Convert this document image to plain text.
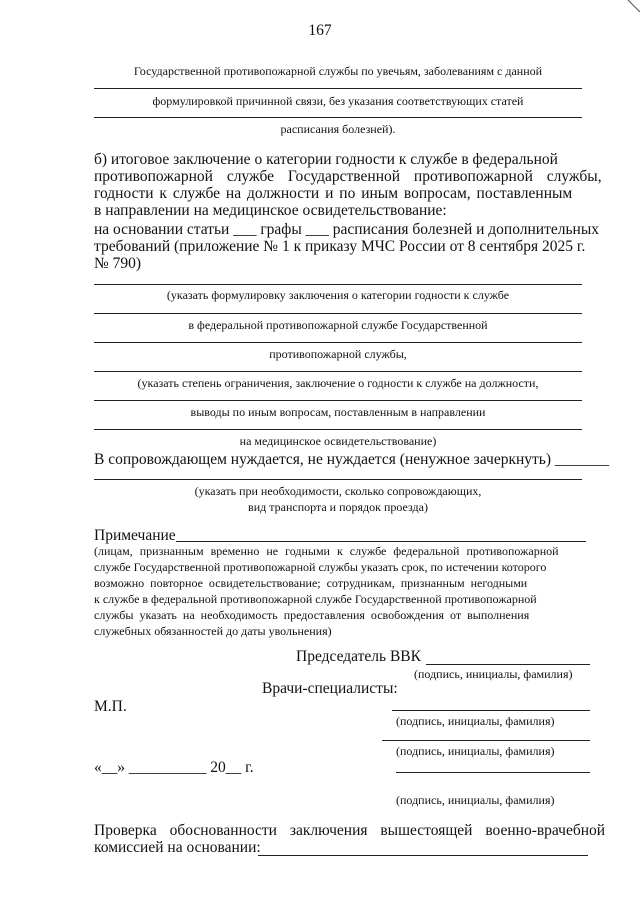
167
Государственной противопожарной службы по увечьям, заболеваниям с данной
формулировкой причинной связи, без указания соответствующих статей
расписания болезней).
б) итоговое заключение о категории годности к службе в федеральной
противопожарной службе Государственной противопожарной службы,
годности к службе на должности и по иным вопросам, поставленным
в направлении на медицинское освидетельствование:
на основании статьи ___ графы ___ расписания болезней и дополнительных
требований (приложение № 1 к приказу МЧС России от 8 сентября 2025 г.
№ 790)
(указать формулировку заключения о категории годности к службе
в федеральной противопожарной службе Государственной
противопожарной службы,
(указать степень ограничения, заключение о годности к службе на должности,
выводы по иным вопросам, поставленным в направлении
на медицинское освидетельствование)
В сопровождающем нуждается, не нуждается (ненужное зачеркнуть) _______
(указать при необходимости, сколько сопровождающих,
вид транспорта и порядок проезда)
Примечание
(лицам, признанным временно не годными к службе федеральной противопожарной
службе Государственной противопожарной службы указать срок, по истечении которого
возможно повторное освидетельствование; сотрудникам, признанным негодными
к службе в федеральной противопожарной службе Государственной противопожарной
службы указать на необходимость предоставления освобождения от выполнения
служебных обязанностей до даты увольнения)
Председатель ВВК
(подпись, инициалы, фамилия)
Врачи-специалисты:
М.П.
(подпись, инициалы, фамилия)
(подпись, инициалы, фамилия)
«__» __________ 20__ г.
(подпись, инициалы, фамилия)
Проверка обоснованности заключения вышестоящей военно-врачебной
комиссией на основании:
